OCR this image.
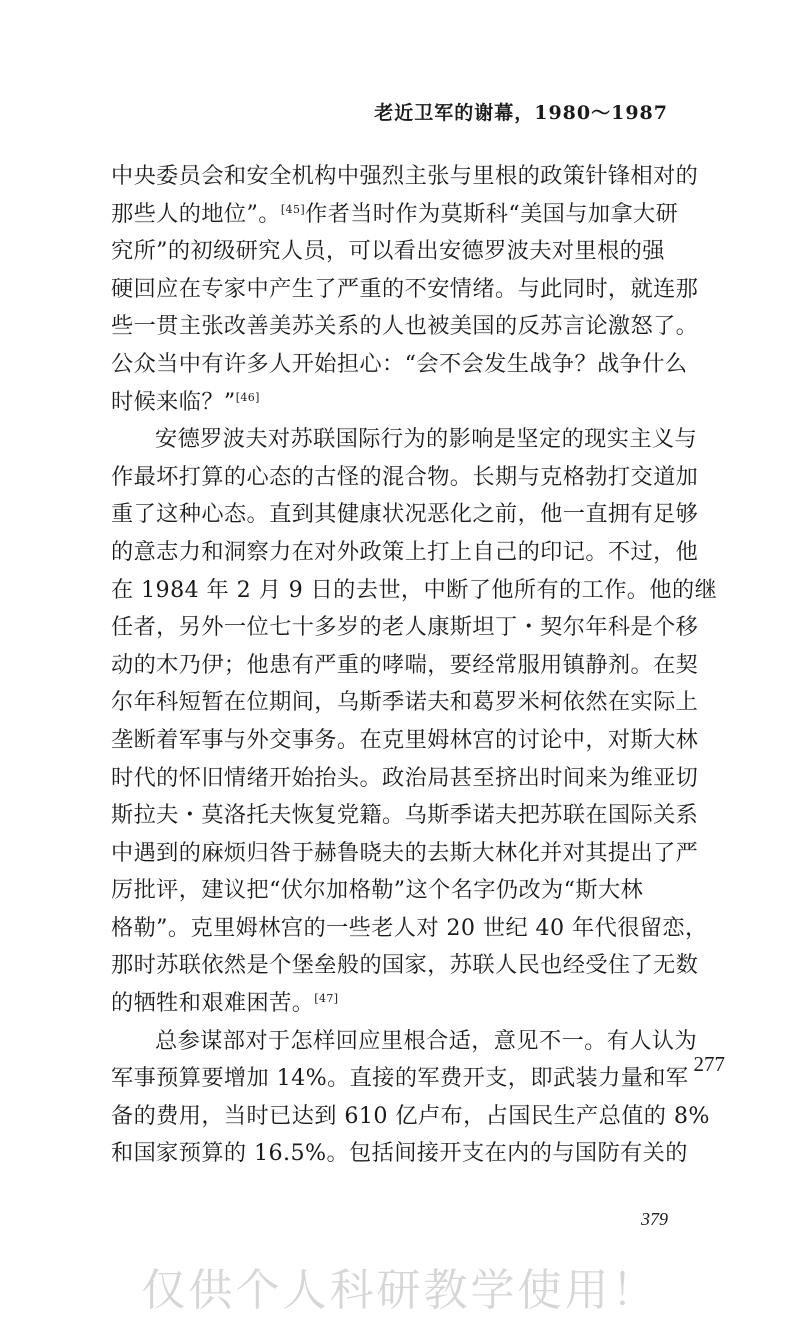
老近卫军的谢幕，1980～1987
中央委员会和安全机构中强烈主张与里根的政策针锋相对的
那些人的地位”。[45]作者当时作为莫斯科“美国与加拿大研
究所”的初级研究人员，可以看出安德罗波夫对里根的强
硬回应在专家中产生了严重的不安情绪。与此同时，就连那
些一贯主张改善美苏关系的人也被美国的反苏言论激怒了。
公众当中有许多人开始担心：“会不会发生战争？战争什么
时候来临？”[46]
安德罗波夫对苏联国际行为的影响是坚定的现实主义与
作最坏打算的心态的古怪的混合物。长期与克格勃打交道加
重了这种心态。直到其健康状况恶化之前，他一直拥有足够
的意志力和洞察力在对外政策上打上自己的印记。不过，他
在 1984 年 2 月 9 日的去世，中断了他所有的工作。他的继
任者，另外一位七十多岁的老人康斯坦丁・契尔年科是个移
动的木乃伊；他患有严重的哮喘，要经常服用镇静剂。在契
尔年科短暂在位期间，乌斯季诺夫和葛罗米柯依然在实际上
垄断着军事与外交事务。在克里姆林宫的讨论中，对斯大林
时代的怀旧情绪开始抬头。政治局甚至挤出时间来为维亚切
斯拉夫・莫洛托夫恢复党籍。乌斯季诺夫把苏联在国际关系
中遇到的麻烦归咎于赫鲁晓夫的去斯大林化并对其提出了严
厉批评，建议把“伏尔加格勒”这个名字仍改为“斯大林
格勒”。克里姆林宫的一些老人对 20 世纪 40 年代很留恋，
那时苏联依然是个堡垒般的国家，苏联人民也经受住了无数
的牺牲和艰难困苦。[47]
总参谋部对于怎样回应里根合适，意见不一。有人认为
军事预算要增加 14%。直接的军费开支，即武装力量和军
备的费用，当时已达到 610 亿卢布，占国民生产总值的 8%
和国家预算的 16.5%。包括间接开支在内的与国防有关的
277
379
仅供个人科研教学使用！
